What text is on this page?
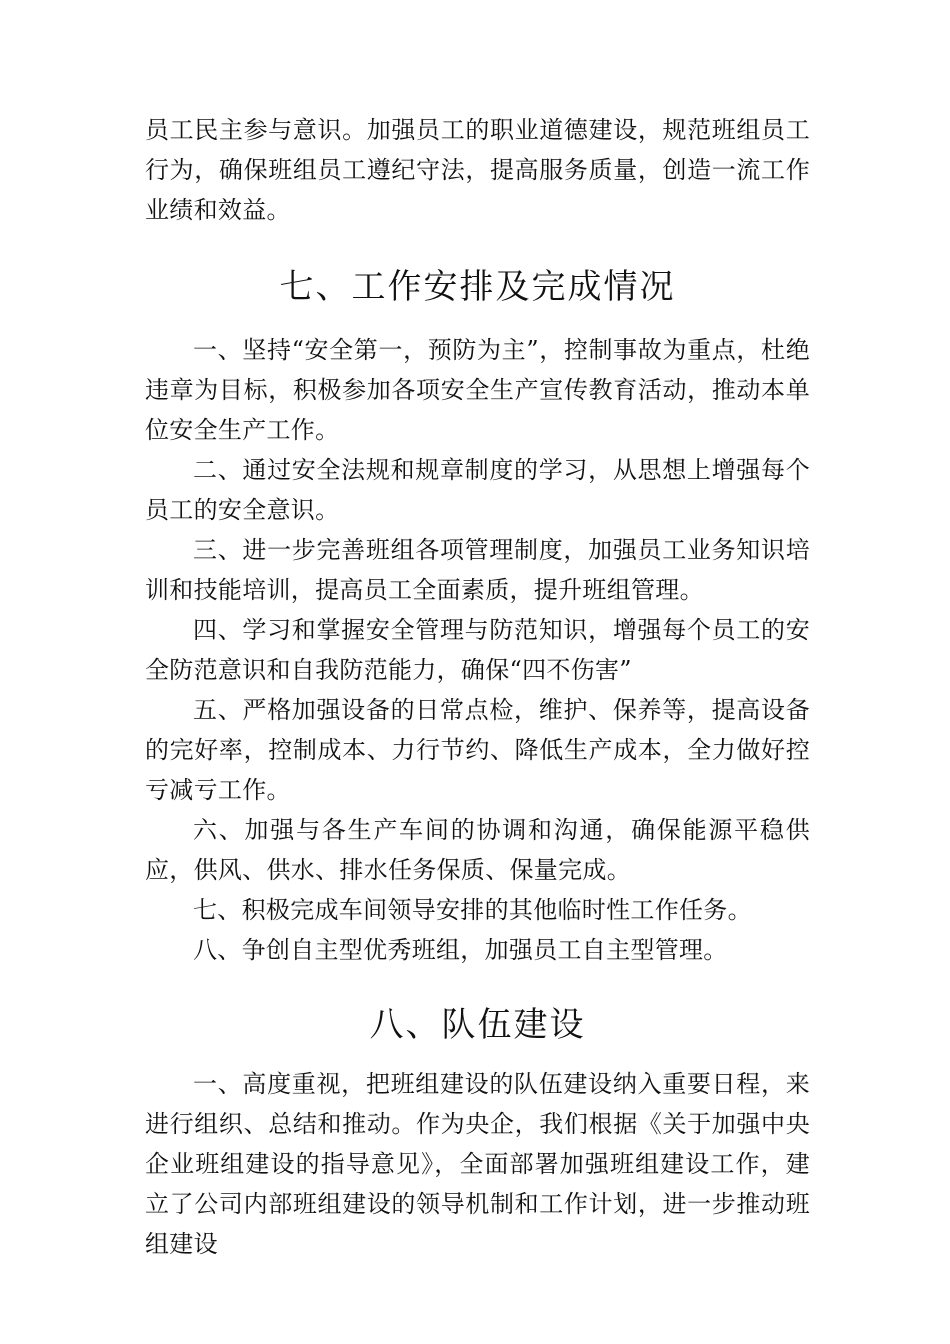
员工民主参与意识。加强员工的职业道德建设，规范班组员工行为，确保班组员工遵纪守法，提高服务质量，创造一流工作业绩和效益。

七、工作安排及完成情况

一、坚持“安全第一，预防为主”，控制事故为重点，杜绝违章为目标，积极参加各项安全生产宣传教育活动，推动本单位安全生产工作。

二、通过安全法规和规章制度的学习，从思想上增强每个员工的安全意识。

三、进一步完善班组各项管理制度，加强员工业务知识培训和技能培训，提高员工全面素质，提升班组管理。

四、学习和掌握安全管理与防范知识，增强每个员工的安全防范意识和自我防范能力，确保“四不伤害”

五、严格加强设备的日常点检，维护、保养等，提高设备的完好率，控制成本、力行节约、降低生产成本，全力做好控亏减亏工作。

六、加强与各生产车间的协调和沟通，确保能源平稳供应，供风、供水、排水任务保质、保量完成。

七、积极完成车间领导安排的其他临时性工作任务。

八、争创自主型优秀班组，加强员工自主型管理。

八、队伍建设

一、高度重视，把班组建设的队伍建设纳入重要日程，来进行组织、总结和推动。作为央企，我们根据《关于加强中央企业班组建设的指导意见》，全面部署加强班组建设工作，建立了公司内部班组建设的领导机制和工作计划，进一步推动班组建设
